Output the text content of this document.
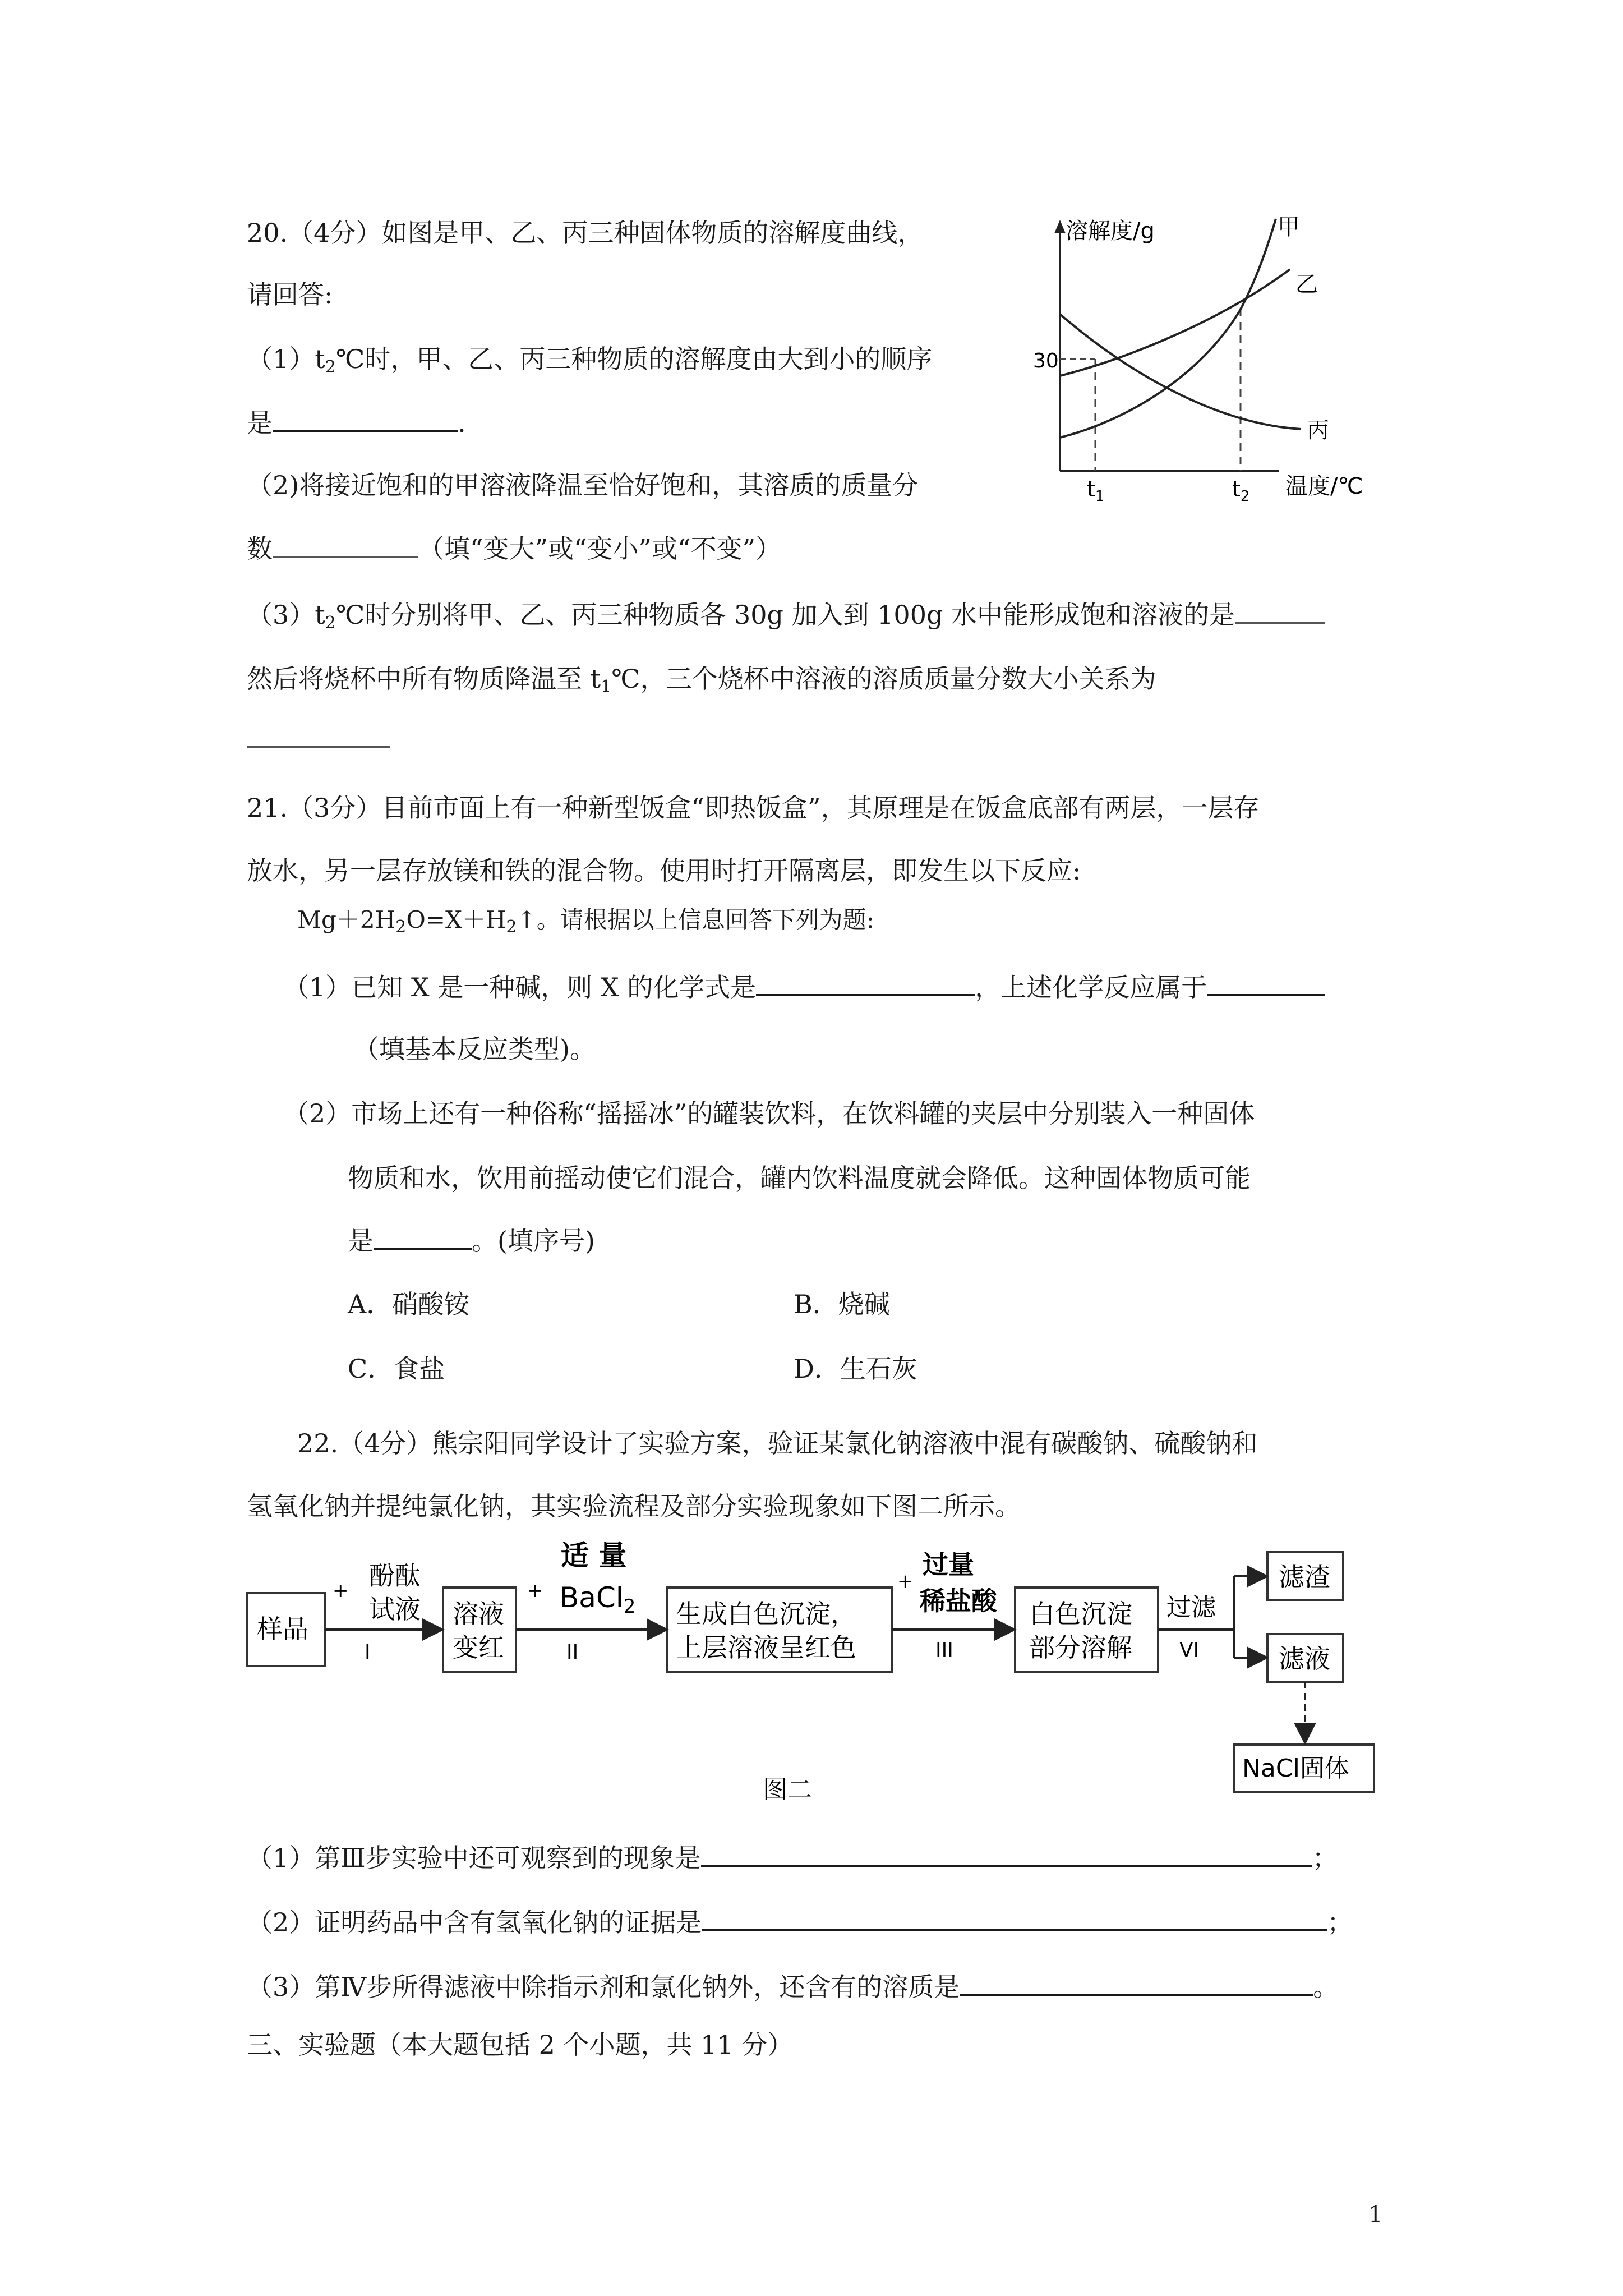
20.（4分）如图是甲、乙、丙三种固体物质的溶解度曲线，
请回答:
$(1)t_2℃$时，甲、乙、丙三种物质的溶解度由大到小的顺序
是	.
（2)将接近饱和的甲溶液降温至恰好饱和，其溶质的质量分
数	（填“变大”或“变小”或“不变”）
$(3)t_2℃$时分别将甲、乙、丙三种物质各 30g 加入到 100g 水中能形成饱和溶液的是
然后将烧杯中所有物质降温至 $t_1℃$，三个烧杯中溶液的溶质质量分数大小关系为
溶解度/g
温度/℃
30
$t_1$	$t_2$
甲
乙
丙
21.（3分）目前市面上有一种新型饭盒“即热饭盒”，其原理是在饭盒底部有两层，一层存
放水，另一层存放镁和铁的混合物。使用时打开隔离层，即发生以下反应:
$Mg+2H_2O=X+H_2↑$。请根据以上信息回答下列为题:
（1）已知 X 是一种碱，则 X 的化学式是	，上述化学反应属于
（填基本反应类型)。
（2）市场上还有一种俗称“摇摇冰”的罐装饮料，在饮料罐的夹层中分别装入一种固体
物质和水，饮用前摇动使它们混合，罐内饮料温度就会降低。这种固体物质可能
是	。(填序号)
A．硝酸铵	B．烧碱
C．食盐	D．生石灰
22.（4分）熊宗阳同学设计了实验方案，验证某氯化钠溶液中混有碳酸钠、硫酸钠和
氢氧化钠并提纯氯化钠，其实验流程及部分实验现象如下图二所示。
样品
+ 酚酞
试液
I
溶液
变红
+
适 量
BaCl$_2$
II
生成白色沉淀，
上层溶液呈红色
+
过量
稀盐酸
III
白色沉淀
部分溶解
过滤
VI
滤渣
滤液
NaCl固体
图二
（1）第Ⅲ步实验中还可观察到的现象是	；
（2）证明药品中含有氢氧化钠的证据是	；
（3）第Ⅳ步所得滤液中除指示剂和氯化钠外，还含有的溶质是	。
三、实验题（本大题包括 2 个小题，共 11 分）
1
